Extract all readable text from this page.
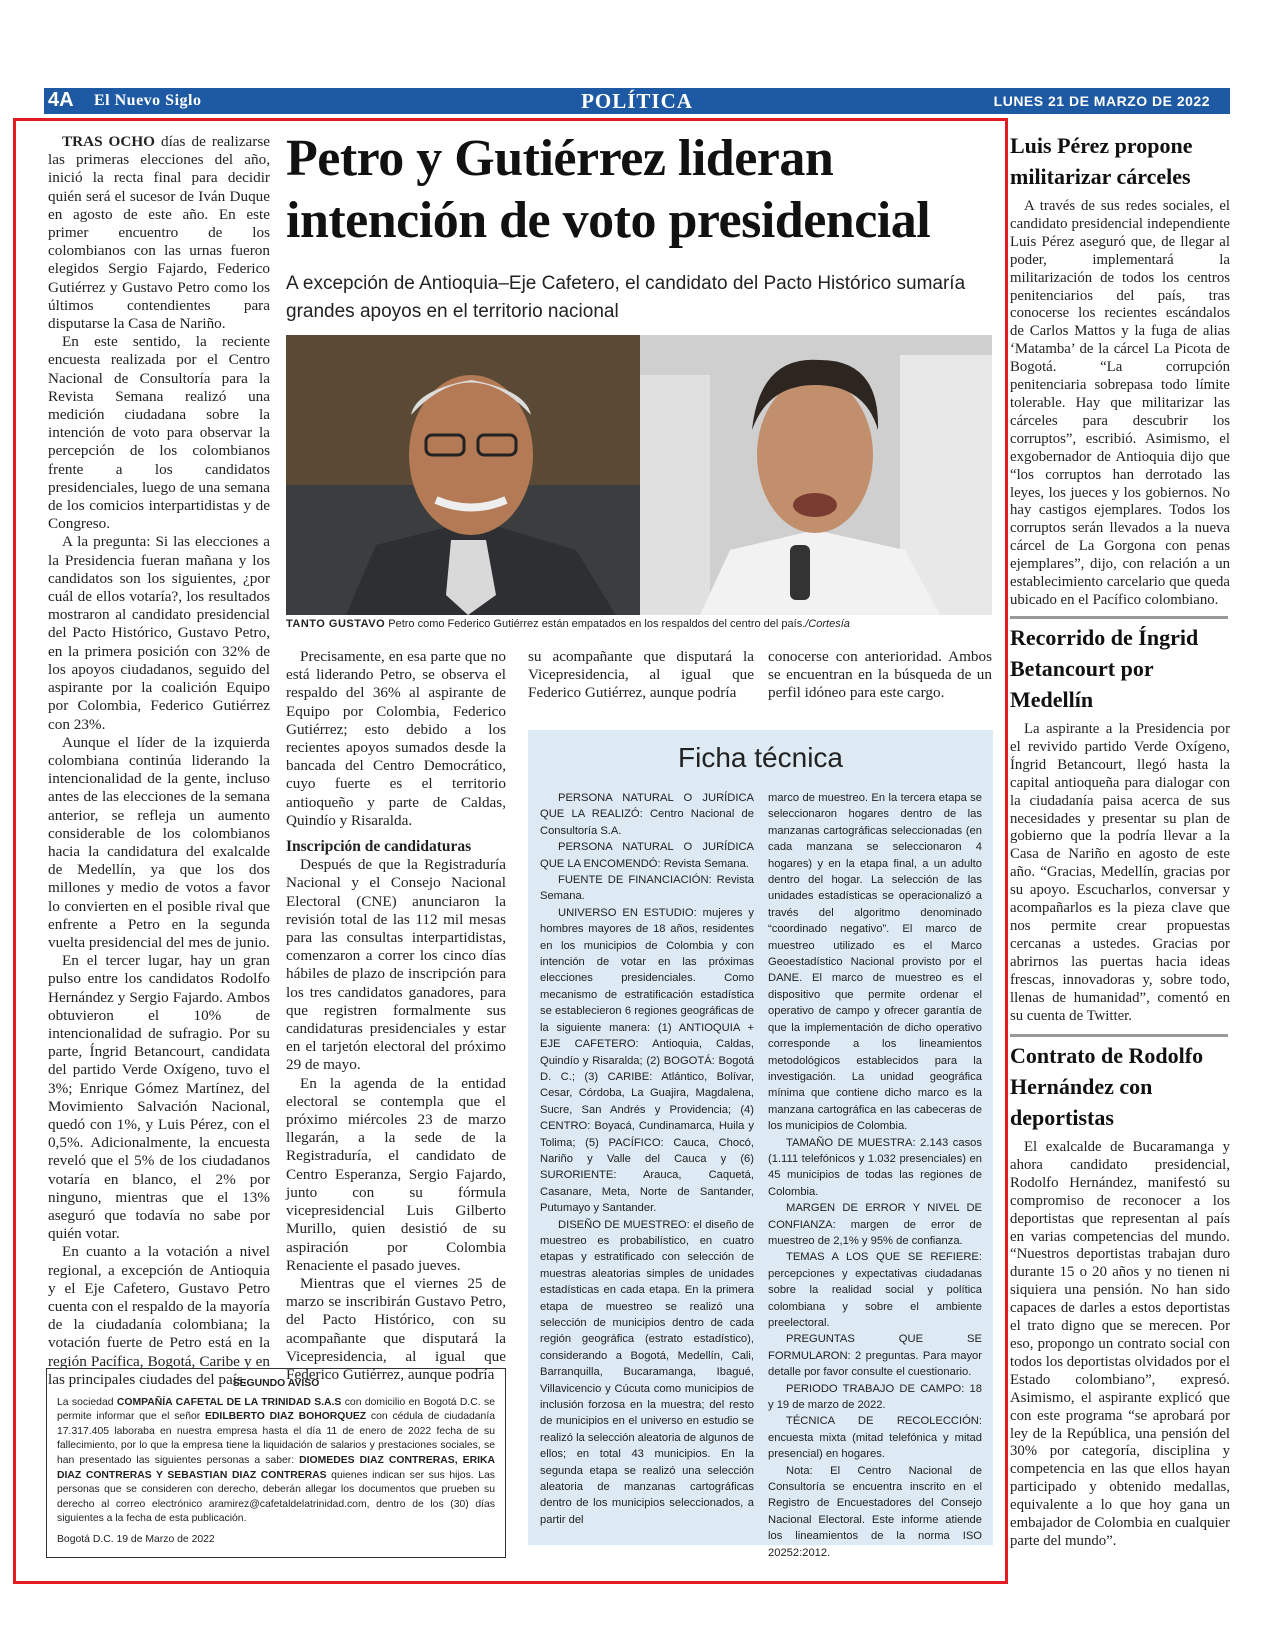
4A El Nuevo Siglo	POLÍTICA	LUNES 21 DE MARZO DE 2022

TRAS OCHO días de realizarse las primeras elecciones del año, inició la recta final para decidir quién será el sucesor de Iván Duque en agosto de este año. En este primer encuentro de los colombianos con las urnas fueron elegidos Sergio Fajardo, Federico Gutiérrez y Gustavo Petro como los últimos contendientes para disputarse la Casa de Nariño.

En este sentido, la reciente encuesta realizada por el Centro Nacional de Consultoría para la Revista Semana realizó una medición ciudadana sobre la intención de voto para observar la percepción de los colombianos frente a los candidatos presidenciales, luego de una semana de los comicios interpartidistas y de Congreso.

A la pregunta: Si las elecciones a la Presidencia fueran mañana y los candidatos son los siguientes, ¿por cuál de ellos votaría?, los resultados mostraron al candidato presidencial del Pacto Histórico, Gustavo Petro, en la primera posición con 32% de los apoyos ciudadanos, seguido del aspirante por la coalición Equipo por Colombia, Federico Gutiérrez con 23%.

Aunque el líder de la izquierda colombiana continúa liderando la intencionalidad de la gente, incluso antes de las elecciones de la semana anterior, se refleja un aumento considerable de los colombianos hacia la candidatura del exalcalde de Medellín, ya que los dos millones y medio de votos a favor lo convierten en el posible rival que enfrente a Petro en la segunda vuelta presidencial del mes de junio.

En el tercer lugar, hay un gran pulso entre los candidatos Rodolfo Hernández y Sergio Fajardo. Ambos obtuvieron el 10% de intencionalidad de sufragio. Por su parte, Íngrid Betancourt, candidata del partido Verde Oxígeno, tuvo el 3%; Enrique Gómez Martínez, del Movimiento Salvación Nacional, quedó con 1%, y Luis Pérez, con el 0,5%. Adicionalmente, la encuesta reveló que el 5% de los ciudadanos votaría en blanco, el 2% por ninguno, mientras que el 13% aseguró que todavía no sabe por quién votar.

En cuanto a la votación a nivel regional, a excepción de Antioquia y el Eje Cafetero, Gustavo Petro cuenta con el respaldo de la mayoría de la ciudadanía colombiana; la votación fuerte de Petro está en la región Pacífica, Bogotá, Caribe y en las principales ciudades del país.

Petro y Gutiérrez lideran intención de voto presidencial
A excepción de Antioquia–Eje Cafetero, el candidato del Pacto Histórico sumaría grandes apoyos en el territorio nacional
TANTO GUSTAVO Petro como Federico Gutiérrez están empatados en los respaldos del centro del país./Cortesía

Precisamente, en esa parte que no está liderando Petro, se observa el respaldo del 36% al aspirante de Equipo por Colombia, Federico Gutiérrez; esto debido a los recientes apoyos sumados desde la bancada del Centro Democrático, cuyo fuerte es el territorio antioqueño y parte de Caldas, Quindío y Risaralda.

Inscripción de candidaturas

Después de que la Registraduría Nacional y el Consejo Nacional Electoral (CNE) anunciaron la revisión total de las 112 mil mesas para las consultas interpartidistas, comenzaron a correr los cinco días hábiles de plazo de inscripción para los tres candidatos ganadores, para que registren formalmente sus candidaturas presidenciales y estar en el tarjetón electoral del próximo 29 de mayo.

En la agenda de la entidad electoral se contempla que el próximo miércoles 23 de marzo llegarán, a la sede de la Registraduría, el candidato de Centro Esperanza, Sergio Fajardo, junto con su fórmula vicepresidencial Luis Gilberto Murillo, quien desistió de su aspiración por Colombia Renaciente el pasado jueves.

Mientras que el viernes 25 de marzo se inscribirán Gustavo Petro, del Pacto Histórico, con su acompañante que disputará la Vicepresidencia, al igual que Federico Gutiérrez, aunque podría

su acompañante que disputará la Vicepresidencia, al igual que Federico Gutiérrez, aunque podría

conocerse con anterioridad. Ambos se encuentran en la búsqueda de un perfil idóneo para este cargo.

Ficha técnica

PERSONA NATURAL O JURÍDICA QUE LA REALIZÓ: Centro Nacional de Consultoría S.A.

PERSONA NATURAL O JURÍDICA QUE LA ENCOMENDÓ: Revista Semana.

FUENTE DE FINANCIACIÓN: Revista Semana.

UNIVERSO EN ESTUDIO: mujeres y hombres mayores de 18 años, residentes en los municipios de Colombia y con intención de votar en las próximas elecciones presidenciales. Como mecanismo de estratificación estadística se establecieron 6 regiones geográficas de la siguiente manera: (1) ANTIOQUIA + EJE CAFETERO: Antioquia, Caldas, Quindío y Risaralda; (2) BOGOTÁ: Bogotá D. C.; (3) CARIBE: Atlántico, Bolívar, Cesar, Córdoba, La Guajira, Magdalena, Sucre, San Andrés y Providencia; (4) CENTRO: Boyacá, Cundinamarca, Huila y Tolima; (5) PACÍFICO: Cauca, Chocó, Nariño y Valle del Cauca y (6) SURORIENTE: Arauca, Caquetá, Casanare, Meta, Norte de Santander, Putumayo y Santander.

DISEÑO DE MUESTREO: el diseño de muestreo es probabilístico, en cuatro etapas y estratificado con selección de muestras aleatorias simples de unidades estadísticas en cada etapa. En la primera etapa de muestreo se realizó una selección de municipios dentro de cada región geográfica (estrato estadístico), considerando a Bogotá, Medellín, Cali, Barranquilla, Bucaramanga, Ibagué, Villavicencio y Cúcuta como municipios de inclusión forzosa en la muestra; del resto de municipios en el universo en estudio se realizó la selección aleatoria de algunos de ellos; en total 43 municipios. En la segunda etapa se realizó una selección aleatoria de manzanas cartográficas dentro de los municipios seleccionados, a partir del

marco de muestreo. En la tercera etapa se seleccionaron hogares dentro de las manzanas cartográficas seleccionadas (en cada manzana se seleccionaron 4 hogares) y en la etapa final, a un adulto dentro del hogar. La selección de las unidades estadísticas se operacionalizó a través del algoritmo denominado “coordinado negativo”. El marco de muestreo utilizado es el Marco Geoestadístico Nacional provisto por el DANE. El marco de muestreo es el dispositivo que permite ordenar el operativo de campo y ofrecer garantía de que la implementación de dicho operativo corresponde a los lineamientos metodológicos establecidos para la investigación. La unidad geográfica mínima que contiene dicho marco es la manzana cartográfica en las cabeceras de los municipios de Colombia.

TAMAÑO DE MUESTRA: 2.143 casos (1.111 telefónicos y 1.032 presenciales) en 45 municipios de todas las regiones de Colombia.

MARGEN DE ERROR Y NIVEL DE CONFIANZA: margen de error de muestreo de 2,1% y 95% de confianza.

TEMAS A LOS QUE SE REFIERE: percepciones y expectativas ciudadanas sobre la realidad social y política colombiana y sobre el ambiente preelectoral.

PREGUNTAS QUE SE FORMULARON: 2 preguntas. Para mayor detalle por favor consulte el cuestionario.

PERIODO TRABAJO DE CAMPO: 18 y 19 de marzo de 2022.

TÉCNICA DE RECOLECCIÓN: encuesta mixta (mitad telefónica y mitad presencial) en hogares.

Nota: El Centro Nacional de Consultoría se encuentra inscrito en el Registro de Encuestadores del Consejo Nacional Electoral. Este informe atiende los lineamientos de la norma ISO 20252:2012.

SEGUNDO AVISO

La sociedad COMPAÑÍA CAFETAL DE LA TRINIDAD S.A.S con domicilio en Bogotá D.C. se permite informar que el señor EDILBERTO DIAZ BOHORQUEZ con cédula de ciudadanía 17.317.405 laboraba en nuestra empresa hasta el día 11 de enero de 2022 fecha de su fallecimiento, por lo que la empresa tiene la liquidación de salarios y prestaciones sociales, se han presentado las siguientes personas a saber: DIOMEDES DIAZ CONTRERAS, ERIKA DIAZ CONTRERAS Y SEBASTIAN DIAZ CONTRERAS quienes indican ser sus hijos. Las personas que se consideren con derecho, deberán allegar los documentos que prueben su derecho al correo electrónico aramirez@cafetaldelatrinidad.com, dentro de los (30) días siguientes a la fecha de esta publicación.

Bogotá D.C. 19 de Marzo de 2022

Luis Pérez propone militarizar cárceles

A través de sus redes sociales, el candidato presidencial independiente Luis Pérez aseguró que, de llegar al poder, implementará la militarización de todos los centros penitenciarios del país, tras conocerse los recientes escándalos de Carlos Mattos y la fuga de alias ‘Matamba’ de la cárcel La Picota de Bogotá. “La corrupción penitenciaria sobrepasa todo límite tolerable. Hay que militarizar las cárceles para descubrir los corruptos”, escribió. Asimismo, el exgobernador de Antioquia dijo que “los corruptos han derrotado las leyes, los jueces y los gobiernos. No hay castigos ejemplares. Todos los corruptos serán llevados a la nueva cárcel de La Gorgona con penas ejemplares”, dijo, con relación a un establecimiento carcelario que queda ubicado en el Pacífico colombiano.

Recorrido de Íngrid Betancourt por Medellín

La aspirante a la Presidencia por el revivido partido Verde Oxígeno, Íngrid Betancourt, llegó hasta la capital antioqueña para dialogar con la ciudadanía paisa acerca de sus necesidades y presentar su plan de gobierno que la podría llevar a la Casa de Nariño en agosto de este año. “Gracias, Medellín, gracias por su apoyo. Escucharlos, conversar y acompañarlos es la pieza clave que nos permite crear propuestas cercanas a ustedes. Gracias por abrirnos las puertas hacia ideas frescas, innovadoras y, sobre todo, llenas de humanidad”, comentó en su cuenta de Twitter.

Contrato de Rodolfo Hernández con deportistas

El exalcalde de Bucaramanga y ahora candidato presidencial, Rodolfo Hernández, manifestó su compromiso de reconocer a los deportistas que representan al país en varias competencias del mundo. “Nuestros deportistas trabajan duro durante 15 o 20 años y no tienen ni siquiera una pensión. No han sido capaces de darles a estos deportistas el trato digno que se merecen. Por eso, propongo un contrato social con todos los deportistas olvidados por el Estado colombiano”, expresó. Asimismo, el aspirante explicó que con este programa “se aprobará por ley de la República, una pensión del 30% por categoría, disciplina y competencia en las que ellos hayan participado y obtenido medallas, equivalente a lo que hoy gana un embajador de Colombia en cualquier parte del mundo”.
